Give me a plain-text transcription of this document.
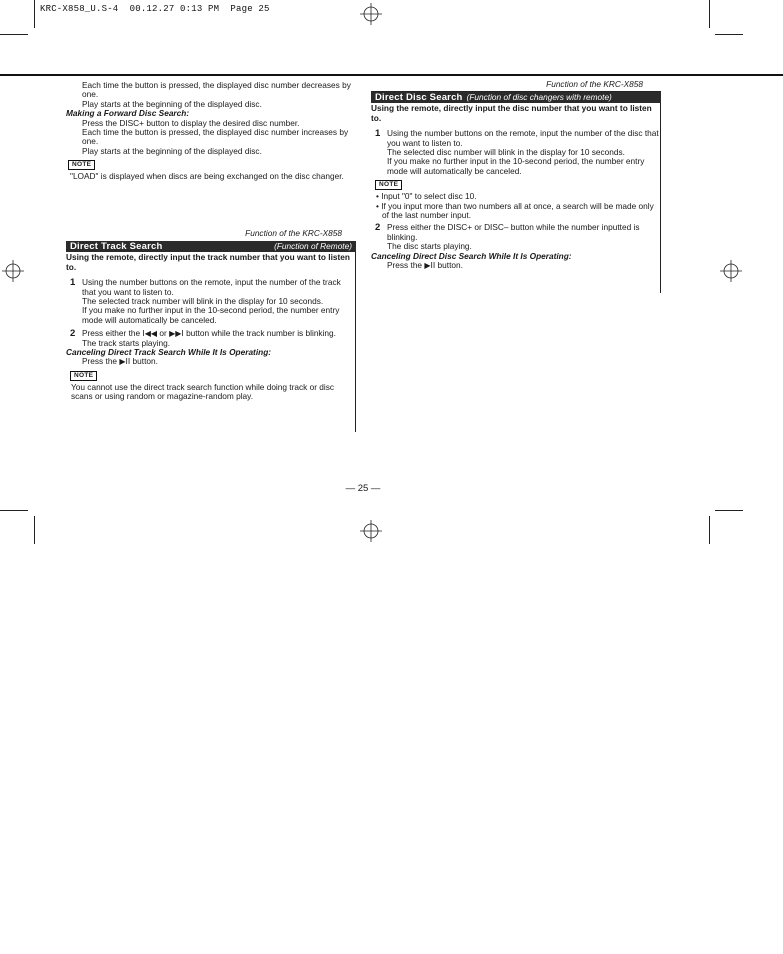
KRC-X858_U.S-4  00.12.27 0:13 PM  Page 25

Each time the button is pressed, the displayed disc number decreases by one.

Play starts at the beginning of the displayed disc.

Making a Forward Disc Search:

Press the DISC+ button to display the desired disc number.

Each time the button is pressed, the displayed disc number increases by one.

Play starts at the beginning of the displayed disc.

NOTE

"LOAD" is displayed when discs are being exchanged on the disc changer.

Function of the KRC-X858

Direct Track Search	(Function of Remote)

Using the remote, directly input the track number that you want to listen to.

1 Using the number buttons on the remote, input the number of the track that you want to listen to.

The selected track number will blink in the display for 10 seconds.

If you make no further input in the 10-second period, the number entry mode will automatically be canceled.

2 Press either the I◀◀ or ▶▶I button while the track number is blinking.

The track starts playing.

Canceling Direct Track Search While It Is Operating:

Press the ▶II button.

NOTE

You cannot use the direct track search function while doing track or disc scans or using random or magazine-random play.

Function of the KRC-X858

Direct Disc Search (Function of disc changers with remote)

Using the remote, directly input the disc number that you want to listen to.

1 Using the number buttons on the remote, input the number of the disc that you want to listen to.

The selected disc number will blink in the display for 10 seconds.

If you make no further input in the 10-second period, the number entry mode will automatically be canceled.

NOTE

• Input "0" to select disc 10.

• If you input more than two numbers all at once, a search will be made only of the last number input.

2 Press either the DISC+ or DISC– button while the number inputted is blinking.

The disc starts playing.

Canceling Direct Disc Search While It Is Operating:

Press the ▶II button.

— 25 —
